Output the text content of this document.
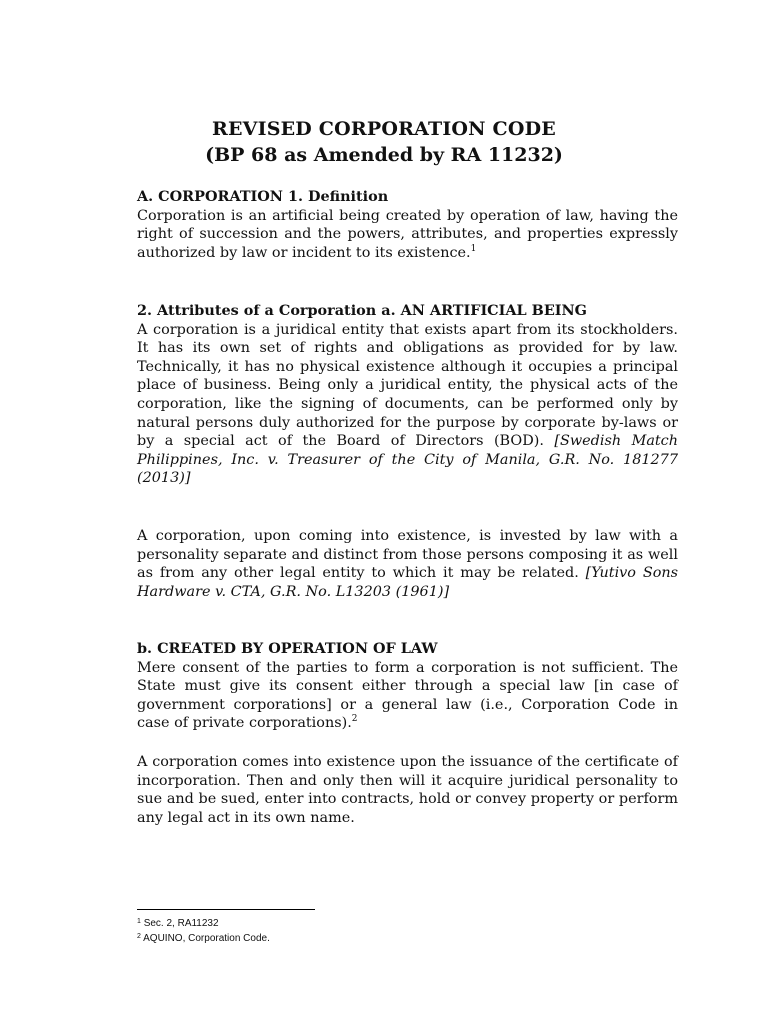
REVISED CORPORATION CODE
(BP 68 as Amended by RA 11232)
A. CORPORATION 1. Definition
Corporation is an artificial being created by operation of law, having the right of succession and the powers, attributes, and properties expressly authorized by law or incident to its existence.$^1$
2. Attributes of a Corporation a. AN ARTIFICIAL BEING
A corporation is a juridical entity that exists apart from its stockholders. It has its own set of rights and obligations as provided for by law. Technically, it has no physical existence although it occupies a principal place of business. Being only a juridical entity, the physical acts of the corporation, like the signing of documents, can be performed only by natural persons duly authorized for the purpose by corporate by-laws or by a special act of the Board of Directors (BOD). [Swedish Match Philippines, Inc. v. Treasurer of the City of Manila, G.R. No. 181277 (2013)]
A corporation, upon coming into existence, is invested by law with a personality separate and distinct from those persons composing it as well as from any other legal entity to which it may be related. [Yutivo Sons Hardware v. CTA, G.R. No. L13203 (1961)]
b. CREATED BY OPERATION OF LAW
Mere consent of the parties to form a corporation is not sufficient. The State must give its consent either through a special law [in case of government corporations] or a general law (i.e., Corporation Code in case of private corporations).$^2$
A corporation comes into existence upon the issuance of the certificate of incorporation. Then and only then will it acquire juridical personality to sue and be sued, enter into contracts, hold or convey property or perform any legal act in its own name.
$^1$ Sec. 2, RA11232
$^2$ AQUINO, Corporation Code.
